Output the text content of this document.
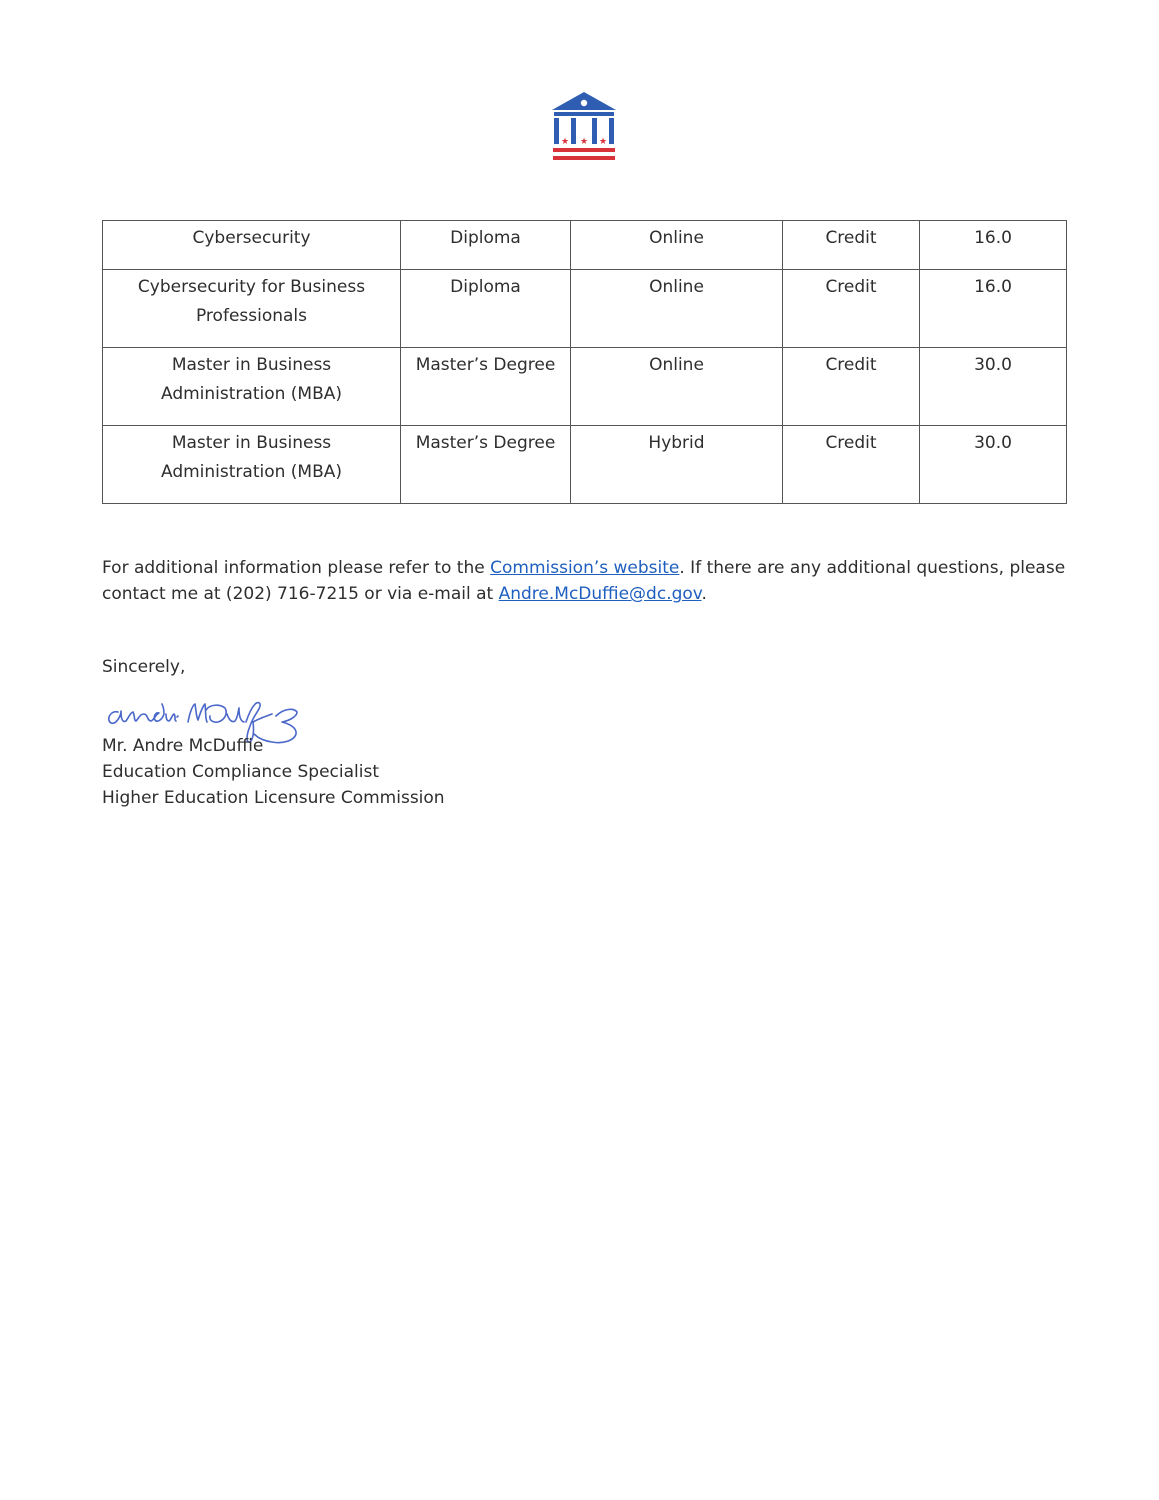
★ ★ ★
Cybersecurity	Diploma	Online	Credit	16.0
Cybersecurity for Business Professionals	Diploma	Online	Credit	16.0
Master in Business Administration (MBA)	Master’s Degree	Online	Credit	30.0
Master in Business Administration (MBA)	Master’s Degree	Hybrid	Credit	30.0

For additional information please refer to the Commission’s website. If there are any additional questions, please contact me at (202) 716-7215 or via e-mail at Andre.McDuffie@dc.gov.

Sincerely,
Mr. Andre McDuffie
Education Compliance Specialist
Higher Education Licensure Commission
